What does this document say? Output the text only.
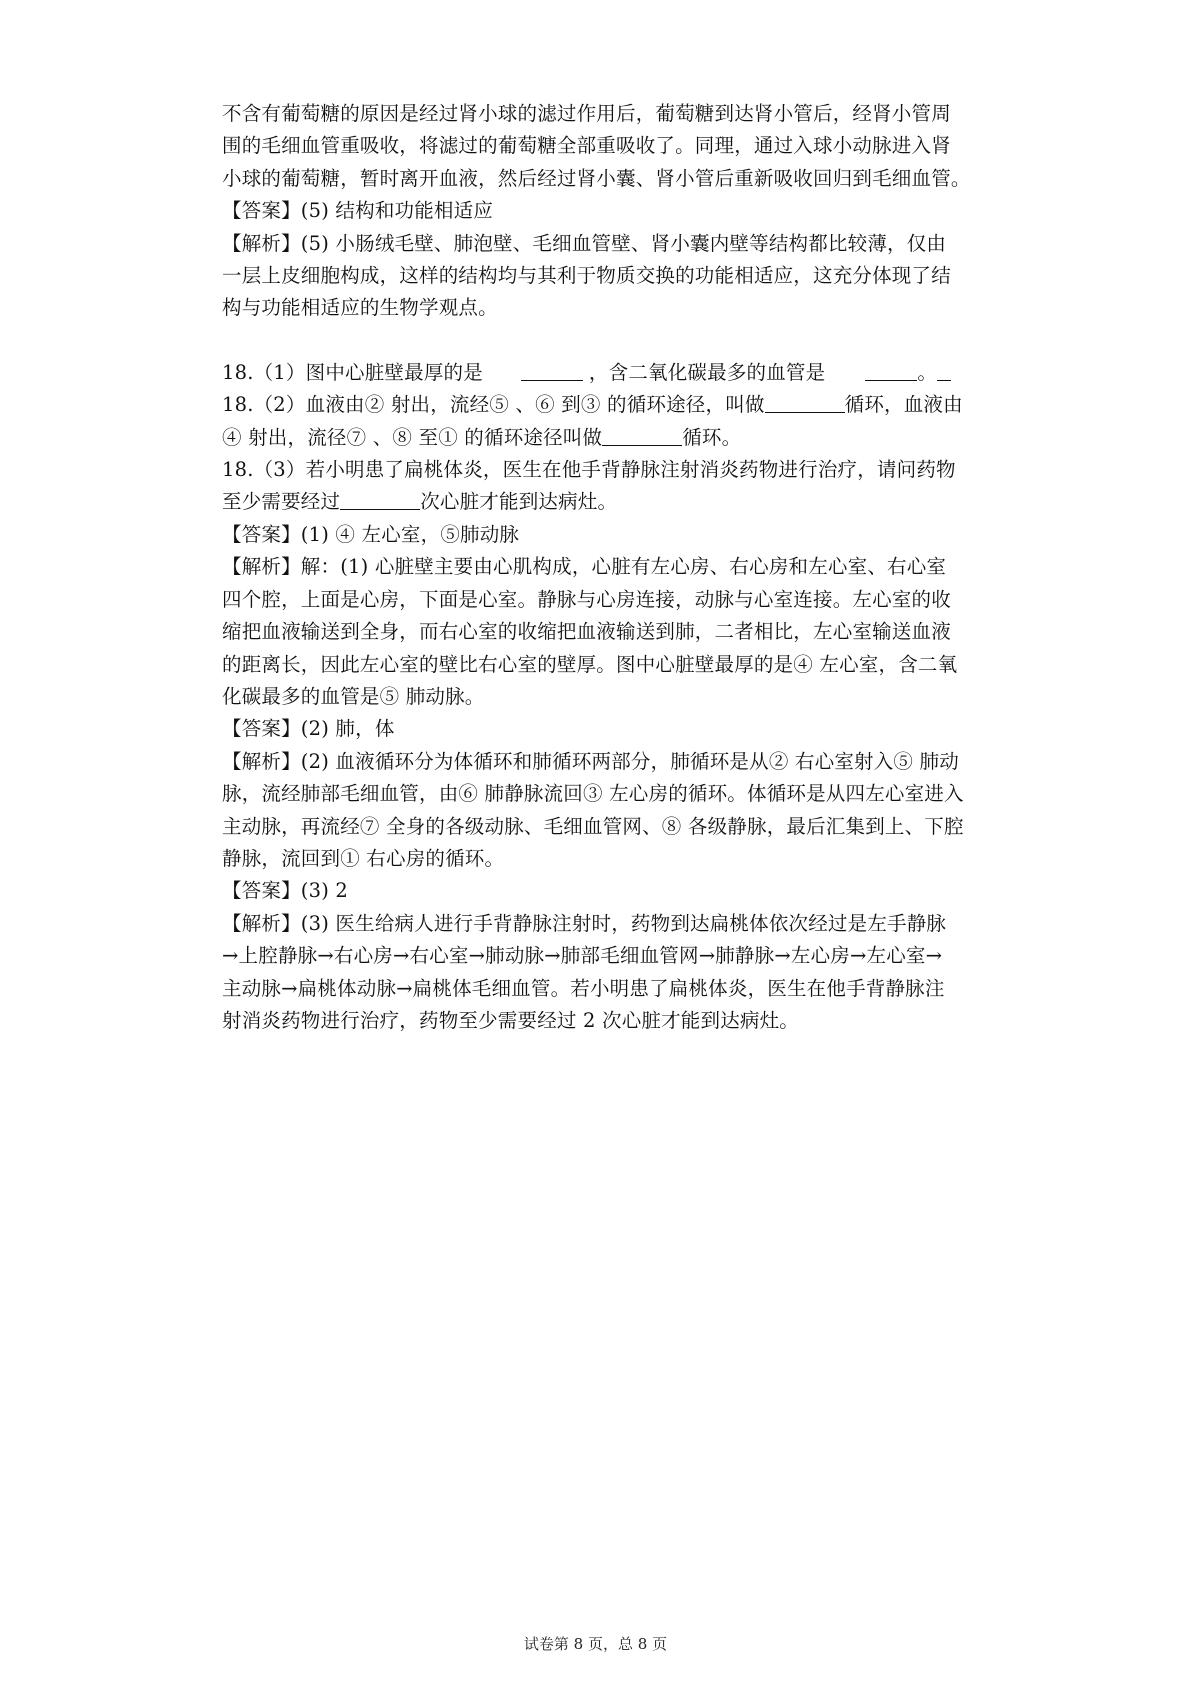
不含有葡萄糖的原因是经过肾小球的滤过作用后，葡萄糖到达肾小管后，经肾小管周
围的毛细血管重吸收，将滤过的葡萄糖全部重吸收了。同理，通过入球小动脉进入肾
小球的葡萄糖，暂时离开血液，然后经过肾小囊、肾小管后重新吸收回归到毛细血管。
【答案】(5) 结构和功能相适应
【解析】(5) 小肠绒毛壁、肺泡壁、毛细血管壁、肾小囊内壁等结构都比较薄，仅由
一层上皮细胞构成，这样的结构均与其利于物质交换的功能相适应，这充分体现了结
构与功能相适应的生物学观点。
18.（1）图中心脏壁最厚的是	，含二氧化碳最多的血管是	。
18.（2）血液由② 射出，流经⑤ 、⑥ 到③ 的循环途径，叫做	循环，血液由
④ 射出，流径⑦ 、⑧ 至① 的循环途径叫做	循环。
18.（3）若小明患了扁桃体炎，医生在他手背静脉注射消炎药物进行治疗，请问药物
至少需要经过	次心脏才能到达病灶。
【答案】(1) ④ 左心室，⑤肺动脉
【解析】解：(1) 心脏壁主要由心肌构成，心脏有左心房、右心房和左心室、右心室
四个腔，上面是心房，下面是心室。静脉与心房连接，动脉与心室连接。左心室的收
缩把血液输送到全身，而右心室的收缩把血液输送到肺，二者相比，左心室输送血液
的距离长，因此左心室的壁比右心室的壁厚。图中心脏壁最厚的是④ 左心室，含二氧
化碳最多的血管是⑤ 肺动脉。
【答案】(2) 肺，体
【解析】(2) 血液循环分为体循环和肺循环两部分，肺循环是从② 右心室射入⑤ 肺动
脉，流经肺部毛细血管，由⑥ 肺静脉流回③ 左心房的循环。体循环是从四左心室进入
主动脉，再流经⑦ 全身的各级动脉、毛细血管网、⑧ 各级静脉，最后汇集到上、下腔
静脉，流回到① 右心房的循环。
【答案】(3) 2
【解析】(3) 医生给病人进行手背静脉注射时，药物到达扁桃体依次经过是左手静脉
→上腔静脉→右心房→右心室→肺动脉→肺部毛细血管网→肺静脉→左心房→左心室→
主动脉→扁桃体动脉→扁桃体毛细血管。若小明患了扁桃体炎，医生在他手背静脉注
射消炎药物进行治疗，药物至少需要经过 2 次心脏才能到达病灶。
试卷第 8 页，总 8 页
